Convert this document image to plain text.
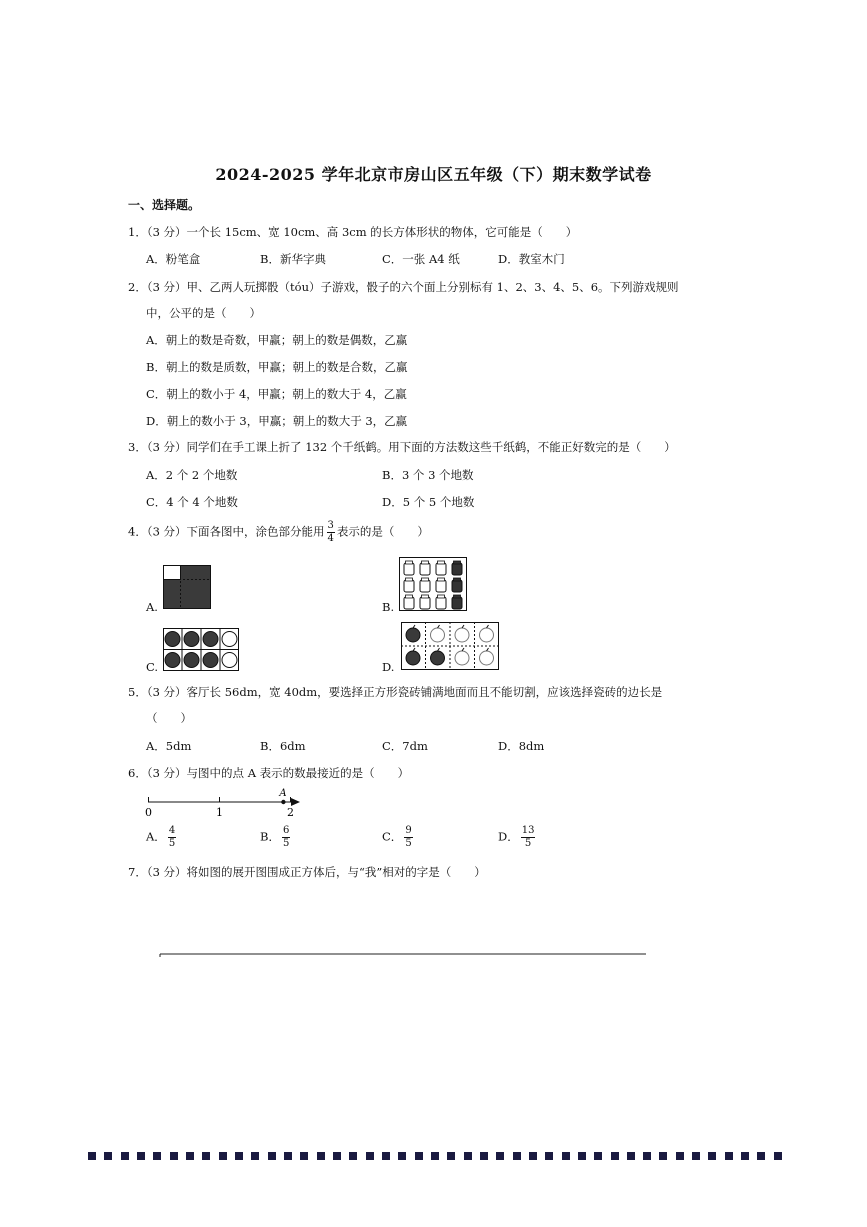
2024-2025 学年北京市房山区五年级（下）期末数学试卷
一、选择题。
1．（3 分）一个长 15cm、宽 10cm、高 3cm 的长方体形状的物体，它可能是（　　）
A．粉笔盒	B．新华字典	C．一张 A4 纸	D．教室木门
2．（3 分）甲、乙两人玩掷骰（tóu）子游戏，骰子的六个面上分别标有 1、2、3、4、5、6。下列游戏规则
中，公平的是（　　）
A．朝上的数是奇数，甲赢；朝上的数是偶数，乙赢
B．朝上的数是质数，甲赢；朝上的数是合数，乙赢
C．朝上的数小于 4，甲赢；朝上的数大于 4，乙赢
D．朝上的数小于 3，甲赢；朝上的数大于 3，乙赢
3．（3 分）同学们在手工课上折了 132 个千纸鹤。用下面的方法数这些千纸鹤，不能正好数完的是（　　）
A．2 个 2 个地数	B．3 个 3 个地数
C．4 个 4 个地数	D．5 个 5 个地数
4．（3 分）下面各图中，涂色部分能用 $\frac{3}{4}$ 表示的是（　　）
A.	B.
C.	D.
5．（3 分）客厅长 56dm，宽 40dm，要选择正方形瓷砖铺满地面而且不能切割，应该选择瓷砖的边长是
（　　）
A．5dm	B．6dm	C．7dm	D．8dm
6．（3 分）与图中的点 A 表示的数最接近的是（　　）
0	1	2
A
A． $\frac{4}{5}$	B． $\frac{6}{5}$	C． $\frac{9}{5}$	D． $\frac{13}{5}$
7．（3 分）将如图的展开图围成正方体后，与“我”相对的字是（　　）
